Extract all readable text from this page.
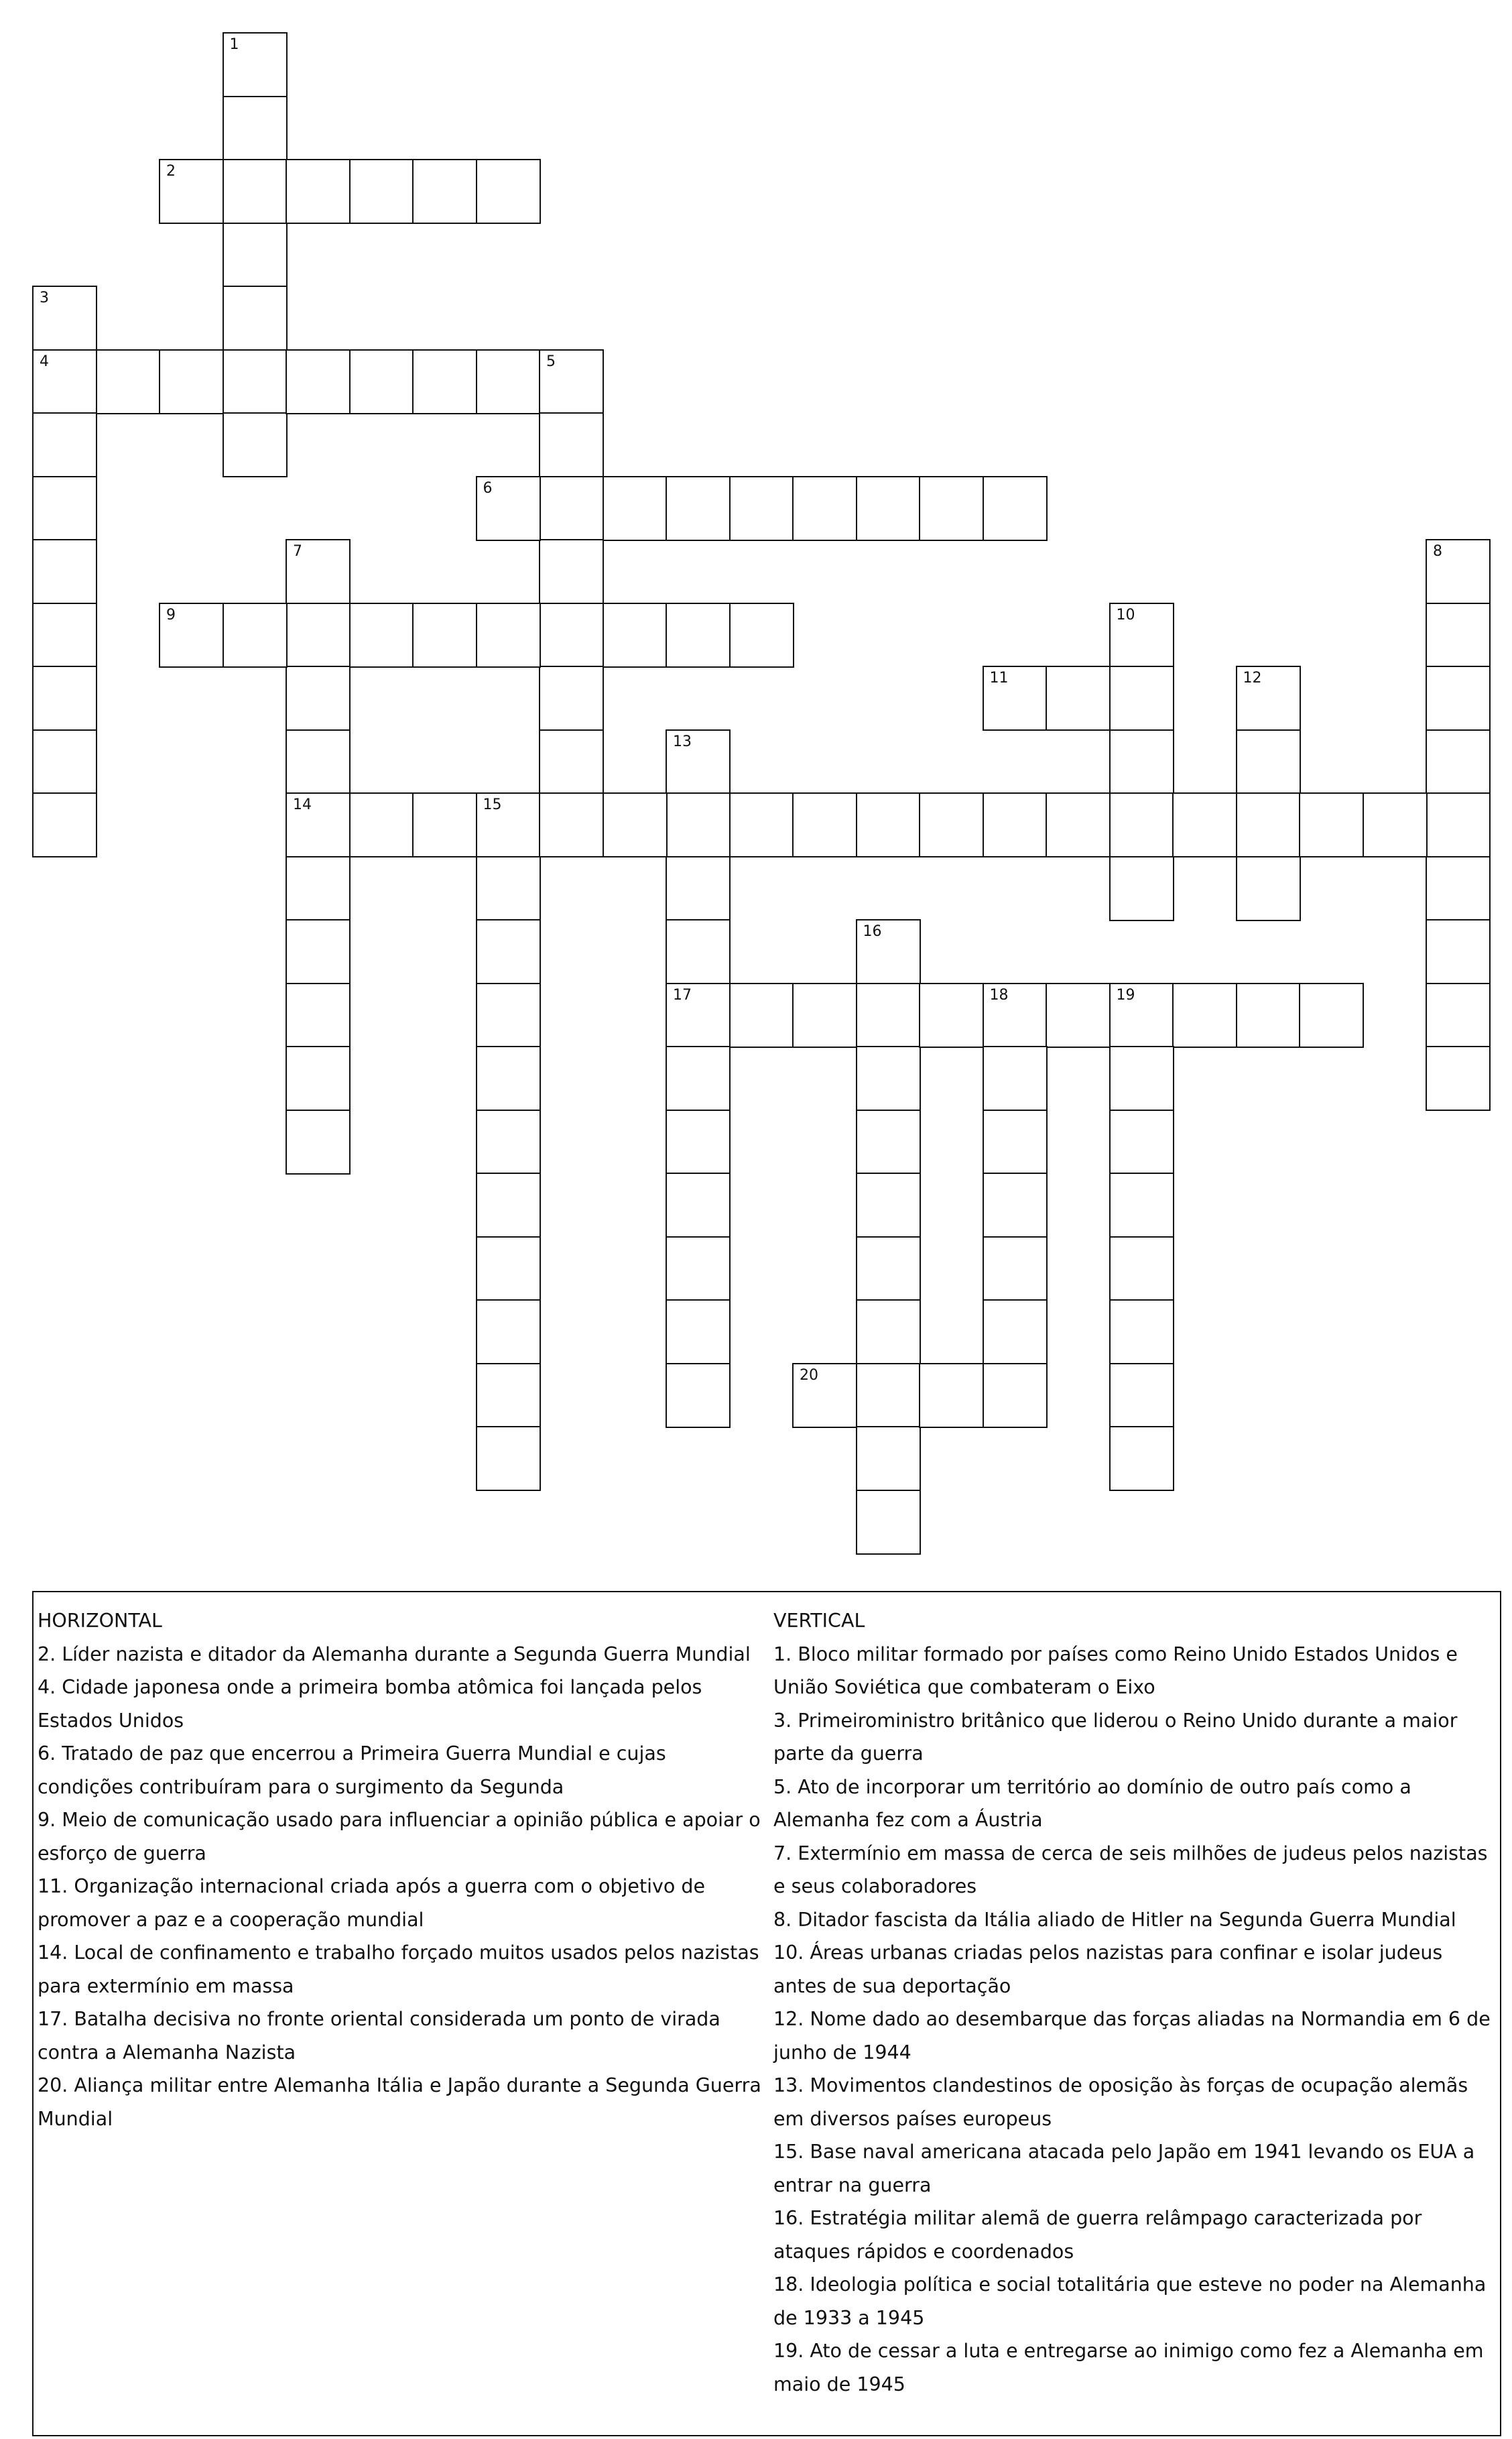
1
2
3
4	5
6
7
14
8
9	10
11	12
13
17
15
16
18	19
20

HORIZONTAL

2. Líder nazista e ditador da Alemanha durante a Segunda Guerra Mundial

4. Cidade japonesa onde a primeira bomba atômica foi lançada pelos Estados Unidos

6. Tratado de paz que encerrou a Primeira Guerra Mundial e cujas condições contribuíram para o surgimento da Segunda

9. Meio de comunicação usado para influenciar a opinião pública e apoiar o esforço de guerra

11. Organização internacional criada após a guerra com o objetivo de promover a paz e a cooperação mundial

14. Local de confinamento e trabalho forçado muitos usados pelos nazistas para extermínio em massa

17. Batalha decisiva no fronte oriental considerada um ponto de virada contra a Alemanha Nazista

20. Aliança militar entre Alemanha Itália e Japão durante a Segunda Guerra Mundial

VERTICAL

1. Bloco militar formado por países como Reino Unido Estados Unidos e União Soviética que combateram o Eixo

3. Primeiroministro britânico que liderou o Reino Unido durante a maior parte da guerra

5. Ato de incorporar um território ao domínio de outro país como a Alemanha fez com a Áustria

7. Extermínio em massa de cerca de seis milhões de judeus pelos nazistas e seus colaboradores

8. Ditador fascista da Itália aliado de Hitler na Segunda Guerra Mundial

10. Áreas urbanas criadas pelos nazistas para confinar e isolar judeus antes de sua deportação

12. Nome dado ao desembarque das forças aliadas na Normandia em 6 de junho de 1944

13. Movimentos clandestinos de oposição às forças de ocupação alemãs em diversos países europeus

15. Base naval americana atacada pelo Japão em 1941 levando os EUA a entrar na guerra

16. Estratégia militar alemã de guerra relâmpago caracterizada por ataques rápidos e coordenados

18. Ideologia política e social totalitária que esteve no poder na Alemanha de 1933 a 1945

19. Ato de cessar a luta e entregarse ao inimigo como fez a Alemanha em maio de 1945
